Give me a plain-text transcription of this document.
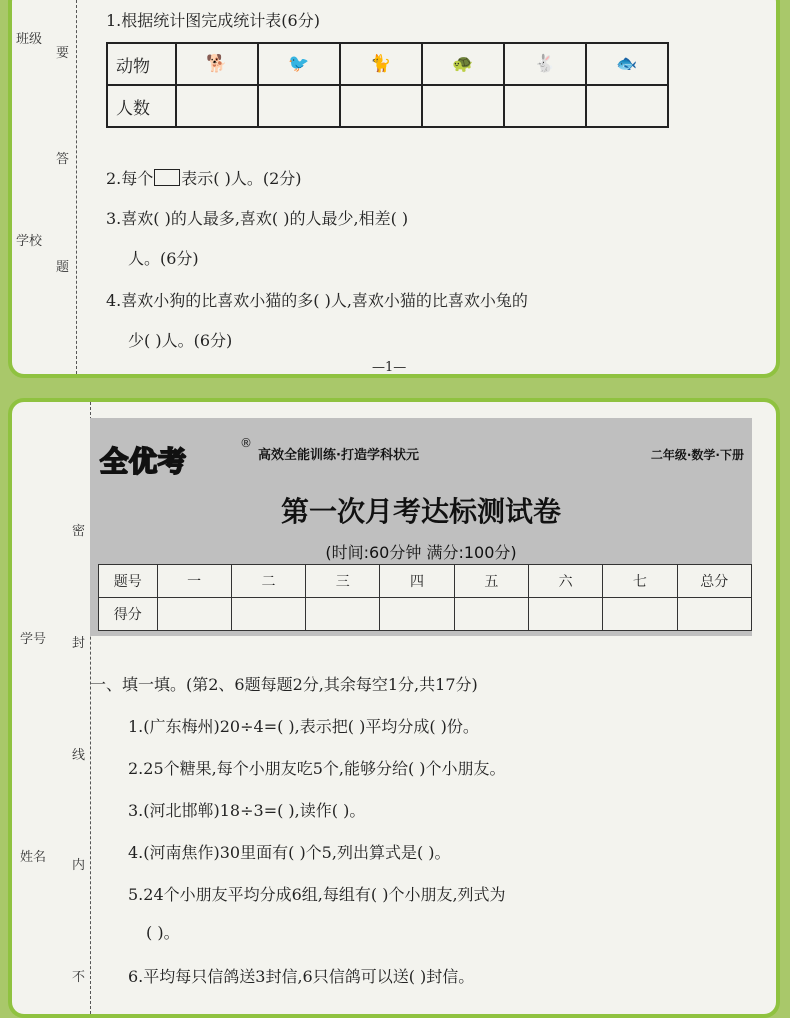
班级
要
答
学校
题
1.根据统计图完成统计表(6分)
动物	🐕	🐦	🐈	🐢	🐇	🐟
人数						
2.每个 表示( )人。(2分)
3.喜欢( )的人最多,喜欢( )的人最少,相差( )
人。(6分)
4.喜欢小狗的比喜欢小猫的多( )人,喜欢小猫的比喜欢小兔的
少( )人。(6分)
—1—
密
学号 封
线
姓名
内
不
全优考
®
高效全能训练·打造学科状元	二年级·数学·下册
第一次月考达标测试卷
(时间:60分钟 满分:100分)
题号	一	二	三	四	五	六	七	总分
得分								
一、填一填。(第2、6题每题2分,其余每空1分,共17分)
1.(广东梅州)20÷4=( ),表示把( )平均分成( )份。
2.25个糖果,每个小朋友吃5个,能够分给( )个小朋友。
3.(河北邯郸)18÷3=( ),读作( )。
4.(河南焦作)30里面有( )个5,列出算式是( )。
5.24个小朋友平均分成6组,每组有( )个小朋友,列式为
( )。
6.平均每只信鸽送3封信,6只信鸽可以送( )封信。
